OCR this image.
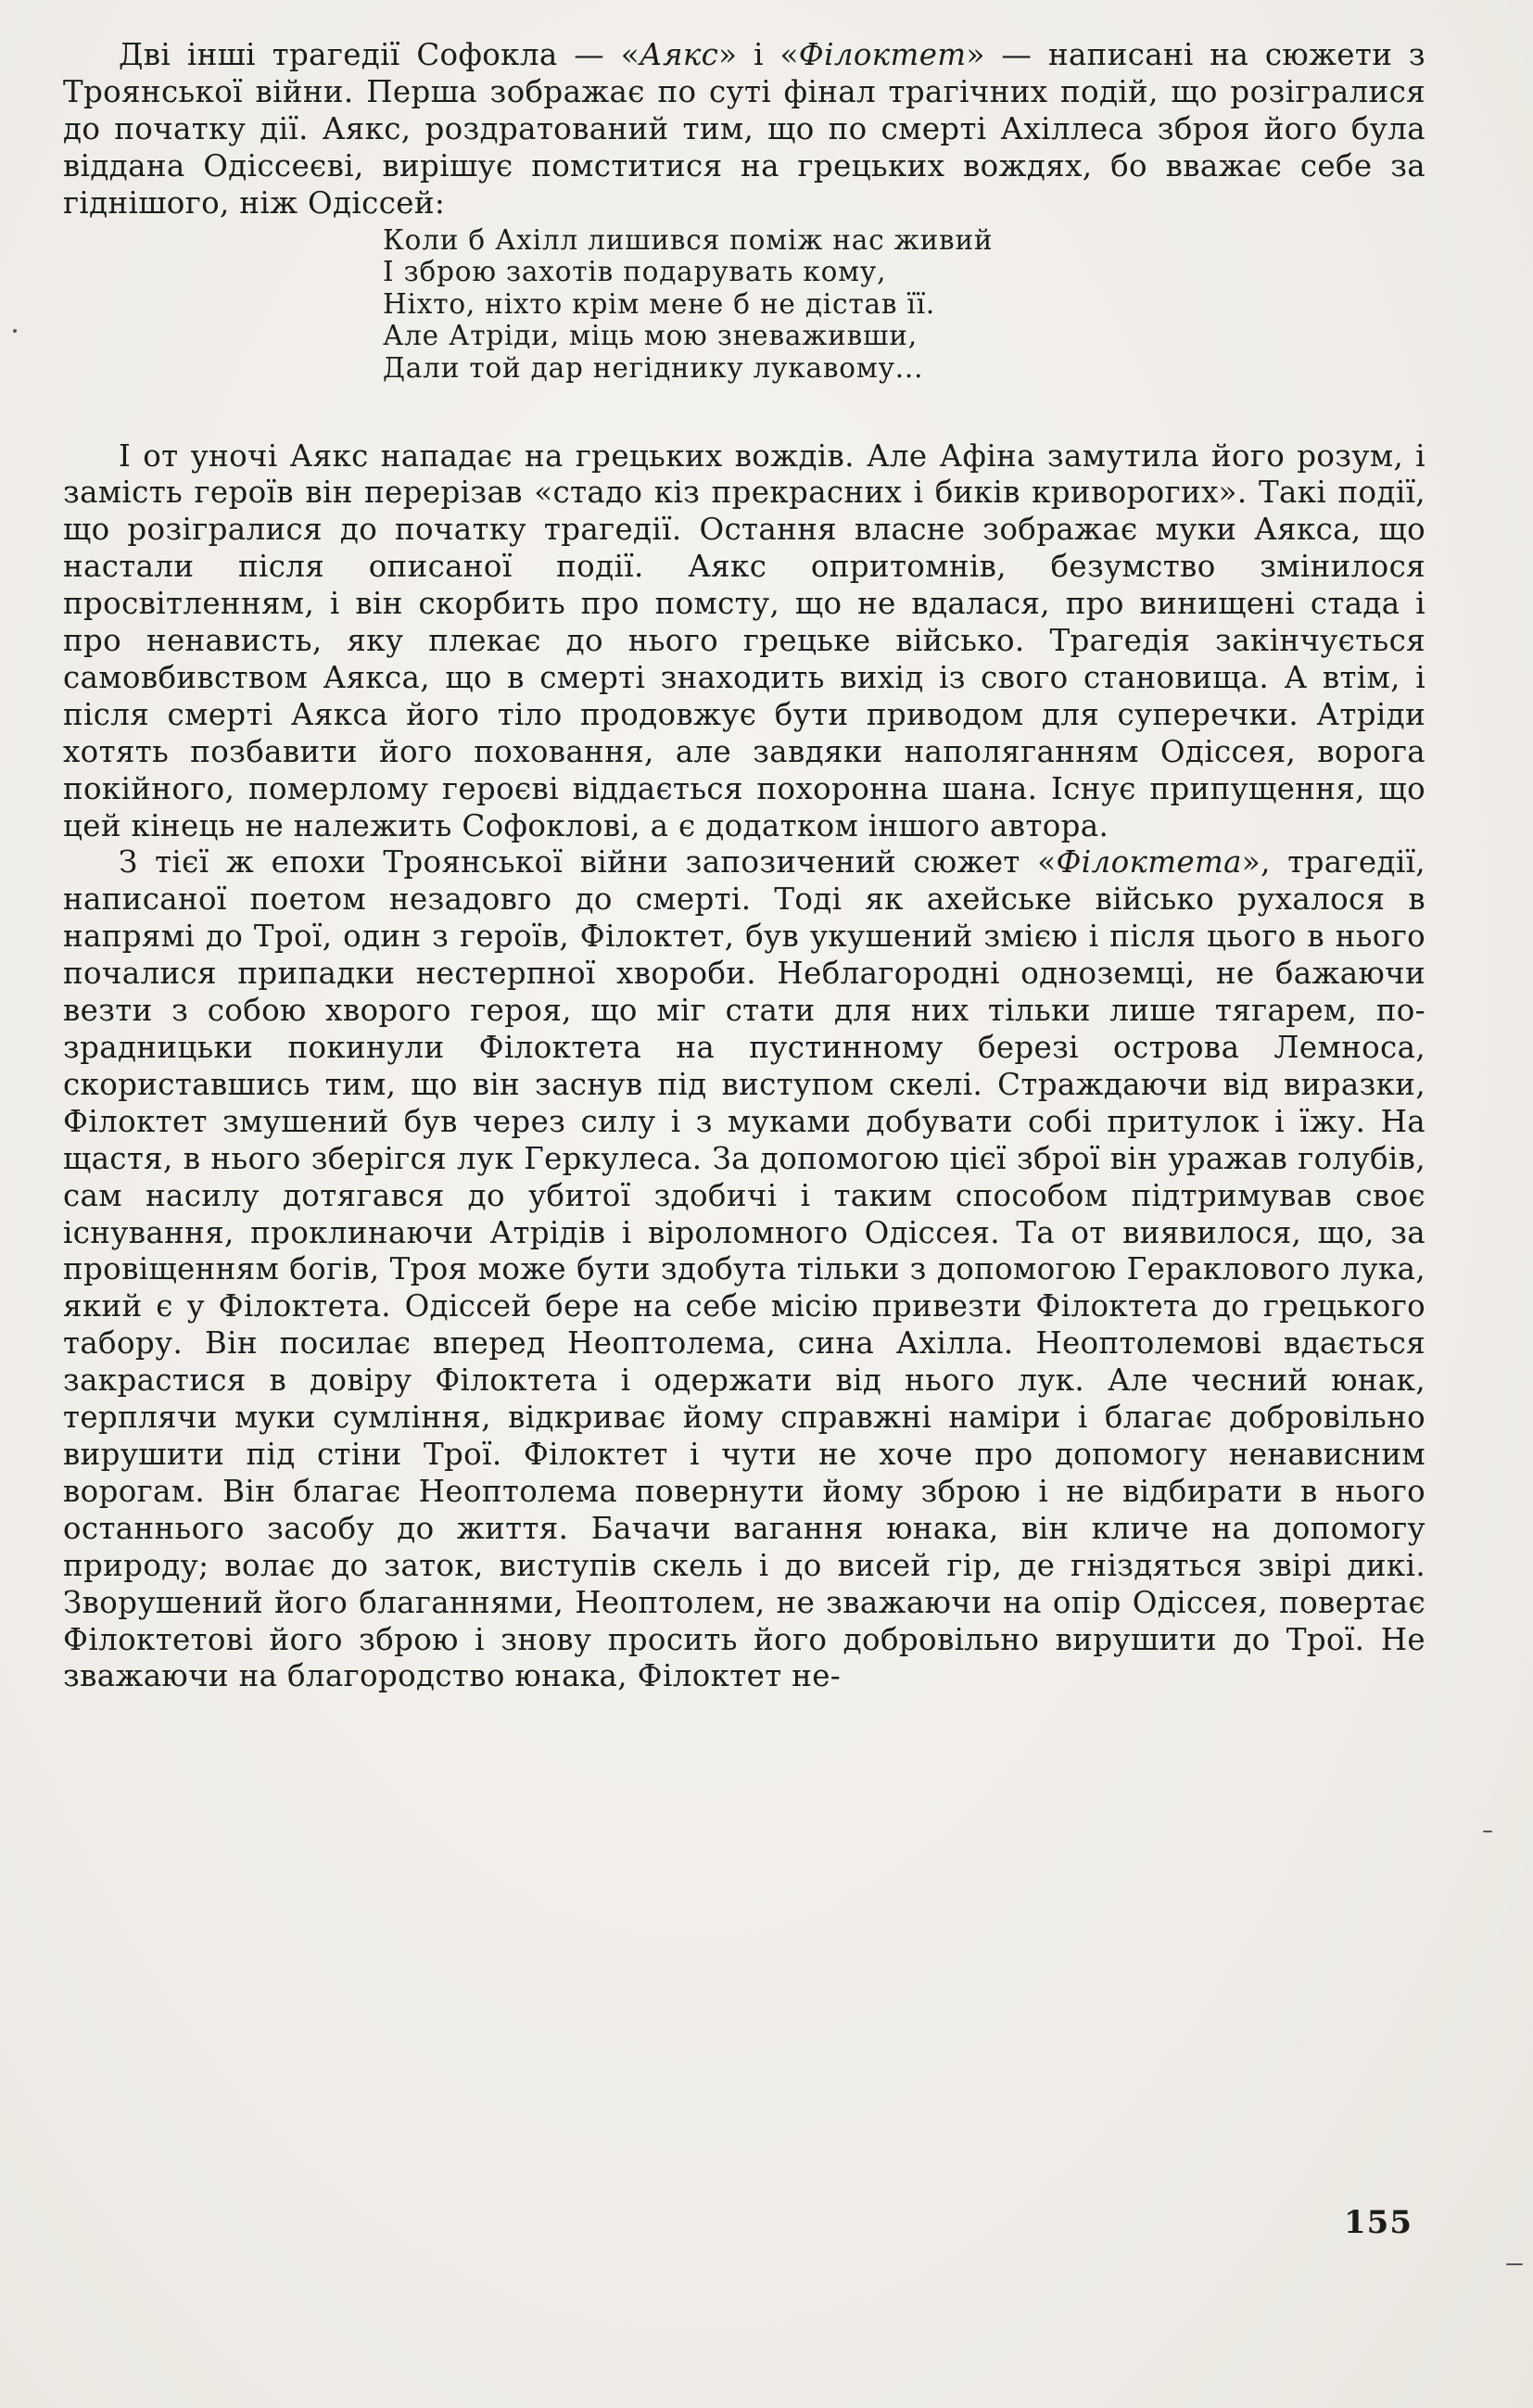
Дві інші трагедії Софокла — «Аякс» і «Філоктет» — написані на сюжети з Троянської війни. Перша зображає по суті фінал трагічних подій, що розігралися до початку дії. Аякс, роздратований тим, що по смерті Ахіллеса зброя його була віддана Одіссеєві, вирішує помститися на грецьких вождях, бо вважає себе за гіднішого, ніж Одіссей:

Коли б Ахілл лишився поміж нас живий
І зброю захотів подарувать кому,
Ніхто, ніхто крім мене б не дістав її.
Але Атріди, міць мою зневаживши,
Дали той дар негіднику лукавому...

І от уночі Аякс нападає на грецьких вождів. Але Афіна замутила його розум, і замість героїв він перерізав «стадо кіз прекрасних і биків криворогих». Такі події, що розігралися до початку трагедії. Остання власне зображає муки Аякса, що настали після описаної події. Аякс опритомнів, безумство змінилося просвітленням, і він скорбить про помсту, що не вдалася, про винищені стада і про ненависть, яку плекає до нього грецьке військо. Трагедія закінчується самовбивством Аякса, що в смерті знаходить вихід із свого становища. А втім, і після смерті Аякса його тіло продовжує бути приводом для суперечки. Атріди хотять позбавити його поховання, але завдяки наполяганням Одіссея, ворога покійного, померлому героєві віддається похоронна шана. Існує припущення, що цей кінець не належить Софоклові, а є додатком іншого автора.

З тієї ж епохи Троянської війни запозичений сюжет «Філоктета», трагедії, написаної поетом незадовго до смерті. Тоді як ахейське військо рухалося в напрямі до Трої, один з героїв, Філоктет, був укушений змією і після цього в нього почалися припадки нестерпної хвороби. Неблагородні одноземці, не бажаючи везти з собою хворого героя, що міг стати для них тільки лише тягарем, по-зрадницьки покинули Філоктета на пустинному березі острова Лемноса, скориставшись тим, що він заснув під виступом скелі. Страждаючи від виразки, Філоктет змушений був через силу і з муками добувати собі притулок і їжу. На щастя, в нього зберігся лук Геркулеса. За допомогою цієї зброї він уражав голубів, сам насилу дотягався до убитої здобичі і таким способом підтримував своє існування, проклинаючи Атрідів і віроломного Одіссея. Та от виявилося, що, за провіщенням богів, Троя може бути здобута тільки з допомогою Гераклового лука, який є у Філоктета. Одіссей бере на себе місію привезти Філоктета до грецького табору. Він посилає вперед Неоптолема, сина Ахілла. Неоптолемові вдається закрастися в довіру Філоктета і одержати від нього лук. Але чесний юнак, терплячи муки сумління, відкриває йому справжні наміри і благає добровільно вирушити під стіни Трої. Філоктет і чути не хоче про допомогу ненависним ворогам. Він благає Неоптолема повернути йому зброю і не відбирати в нього останнього засобу до життя. Бачачи вагання юнака, він кличе на допомогу природу; волає до заток, виступів скель і до висей гір, де гніздяться звірі дикі. Зворушений його благаннями, Неоптолем, не зважаючи на опір Одіссея, повертає Філоктетові його зброю і знову просить його добровільно вирушити до Трої. Не зважаючи на благородство юнака, Філоктет не-

155
